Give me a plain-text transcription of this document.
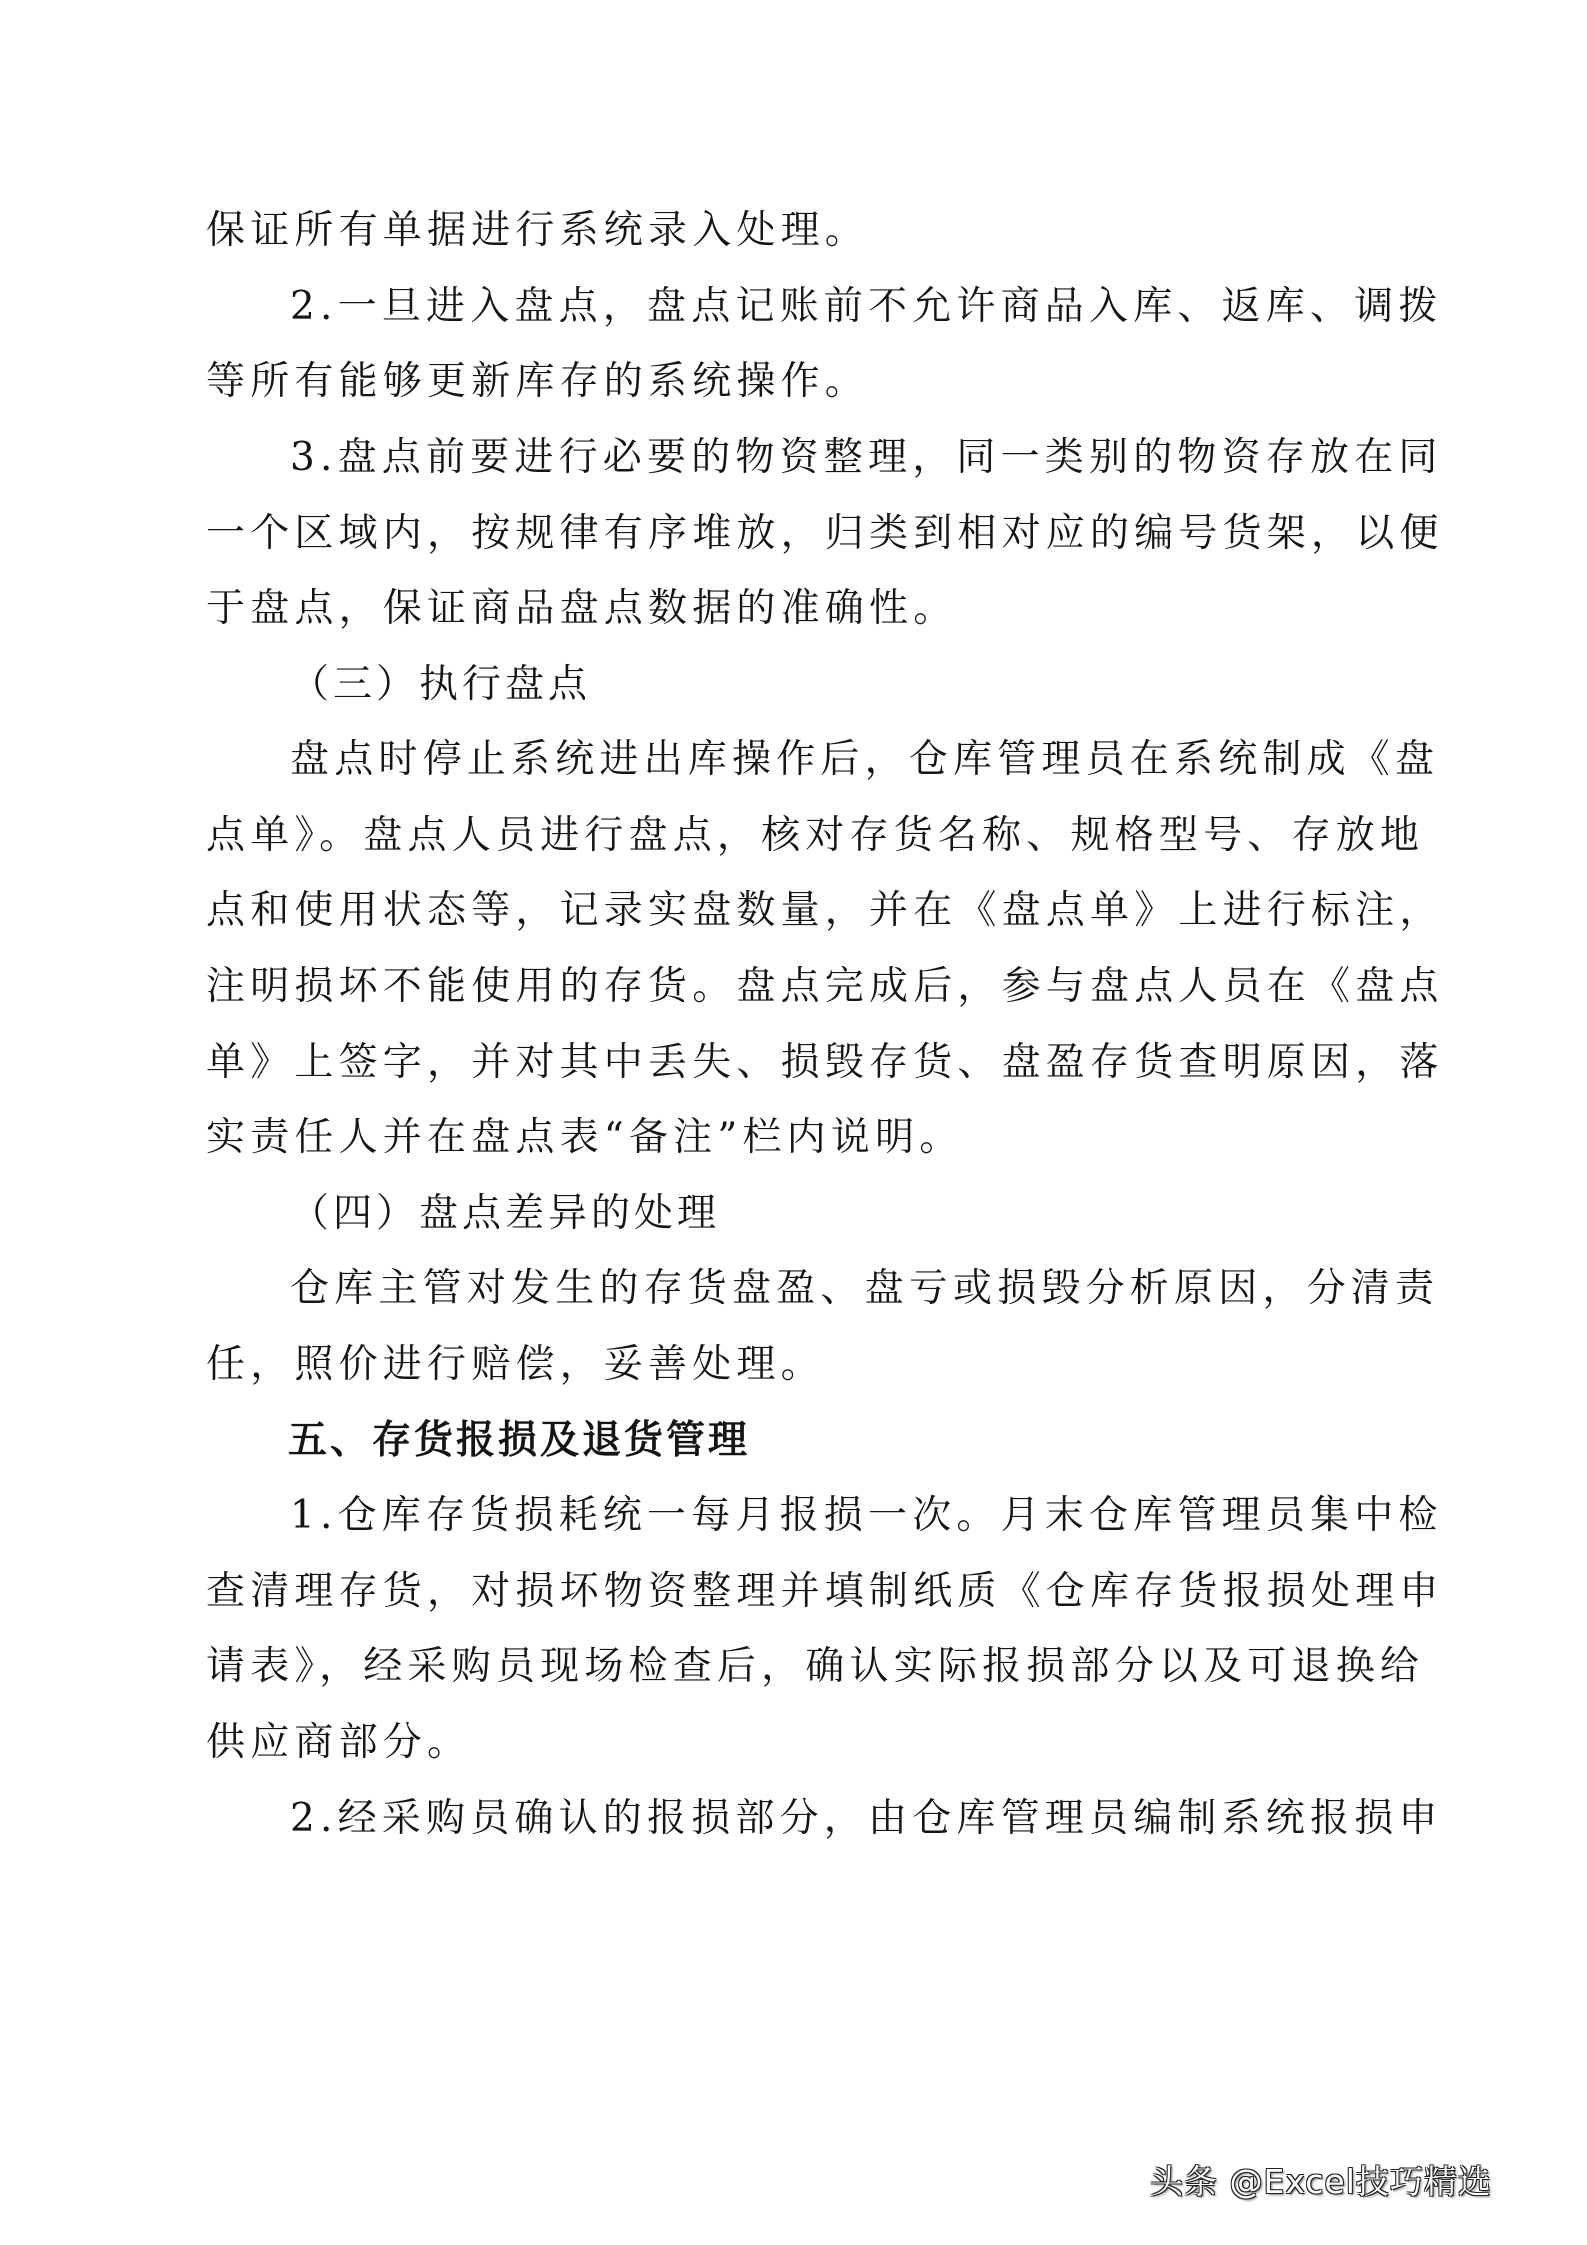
保证所有单据进行系统录入处理。
2.一旦进入盘点，盘点记账前不允许商品入库、返库、调拨
等所有能够更新库存的系统操作。
3.盘点前要进行必要的物资整理，同一类别的物资存放在同
一个区域内，按规律有序堆放，归类到相对应的编号货架，以便
于盘点，保证商品盘点数据的准确性。
（三）执行盘点
盘点时停止系统进出库操作后，仓库管理员在系统制成《盘
点单》。盘点人员进行盘点，核对存货名称、规格型号、存放地
点和使用状态等，记录实盘数量，并在《盘点单》上进行标注，
注明损坏不能使用的存货。盘点完成后，参与盘点人员在《盘点
单》上签字，并对其中丢失、损毁存货、盘盈存货查明原因，落
实责任人并在盘点表“备注”栏内说明。
（四）盘点差异的处理
仓库主管对发生的存货盘盈、盘亏或损毁分析原因，分清责
任，照价进行赔偿，妥善处理。
五、存货报损及退货管理
1.仓库存货损耗统一每月报损一次。月末仓库管理员集中检
查清理存货，对损坏物资整理并填制纸质《仓库存货报损处理申
请表》，经采购员现场检查后，确认实际报损部分以及可退换给
供应商部分。
2.经采购员确认的报损部分，由仓库管理员编制系统报损申
头条 @Excel技巧精选
